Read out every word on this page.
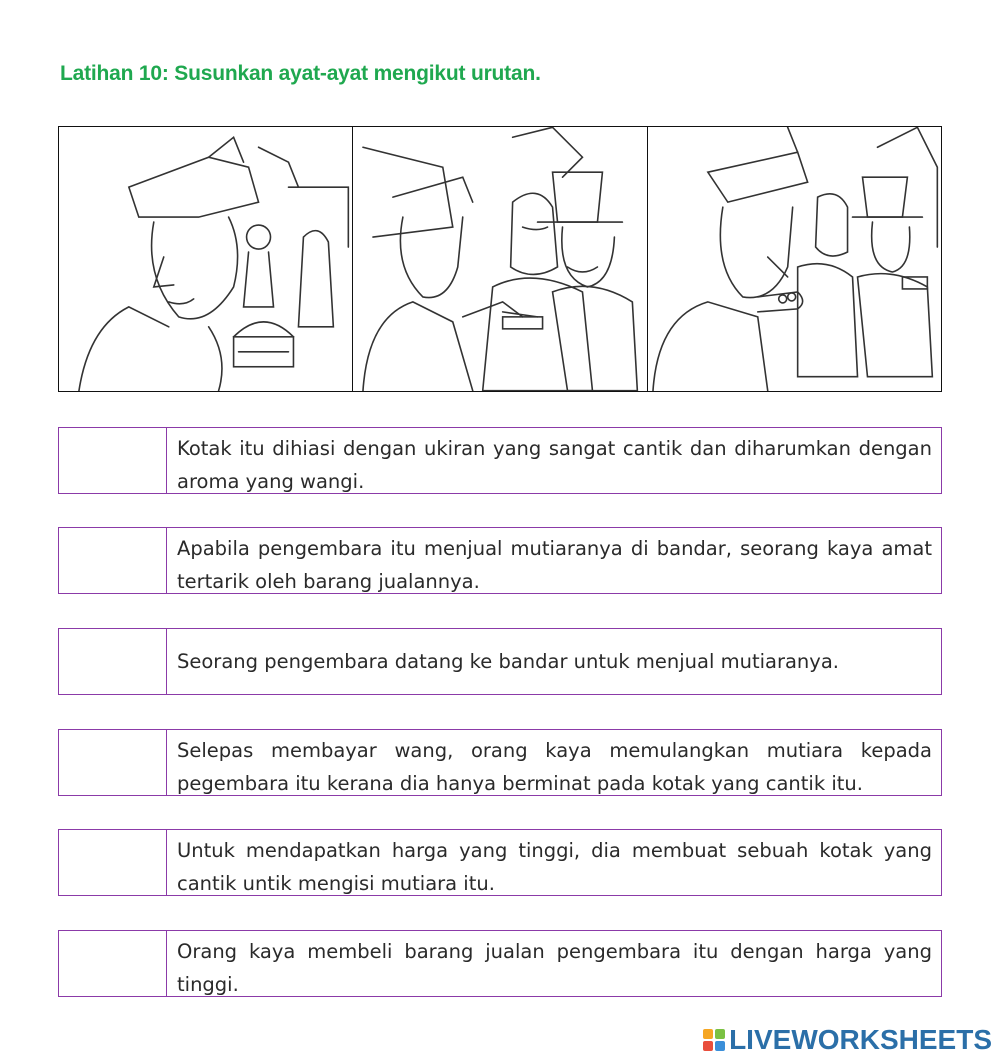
Latihan 10: Susunkan ayat-ayat mengikut urutan.
Kotak itu dihiasi dengan ukiran yang sangat cantik dan diharumkan dengan aroma yang wangi.
Apabila pengembara itu menjual mutiaranya di bandar, seorang kaya amat tertarik oleh barang jualannya.
Seorang pengembara datang ke bandar untuk menjual mutiaranya.
Selepas membayar wang, orang kaya memulangkan mutiara kepada pegembara itu kerana dia hanya berminat pada kotak yang cantik itu.
Untuk mendapatkan harga yang tinggi, dia membuat sebuah kotak yang cantik untik mengisi mutiara itu.
Orang kaya membeli barang jualan pengembara itu dengan harga yang tinggi.
LIVEWORKSHEETS
